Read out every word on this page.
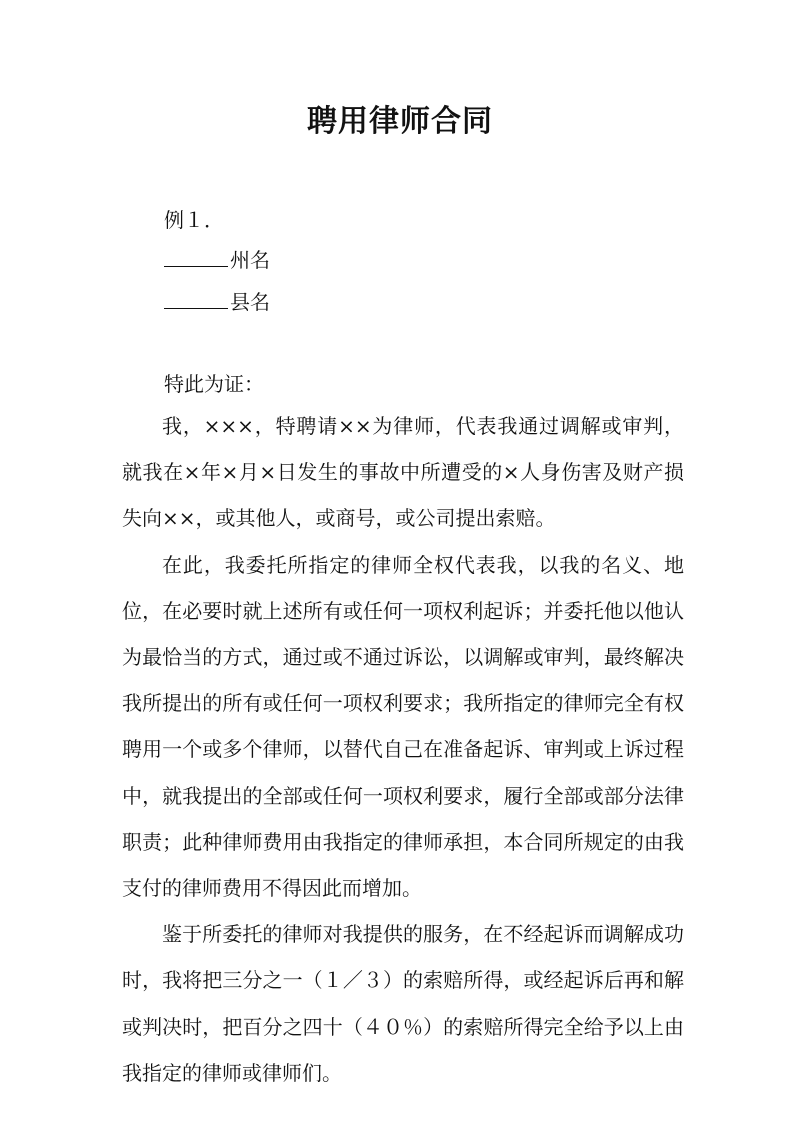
聘用律师合同
例１．
州名
县名
特此为证：

我，×××，特聘请××为律师，代表我通过调解或审判，就我在×年×月×日发生的事故中所遭受的×人身伤害及财产损失向××，或其他人，或商号，或公司提出索赔。

在此，我委托所指定的律师全权代表我，以我的名义、地位，在必要时就上述所有或任何一项权利起诉；并委托他以他认为最恰当的方式，通过或不通过诉讼，以调解或审判，最终解决我所提出的所有或任何一项权利要求；我所指定的律师完全有权聘用一个或多个律师，以替代自己在准备起诉、审判或上诉过程中，就我提出的全部或任何一项权利要求，履行全部或部分法律职责；此种律师费用由我指定的律师承担，本合同所规定的由我支付的律师费用不得因此而增加。

鉴于所委托的律师对我提供的服务，在不经起诉而调解成功时，我将把三分之一（１／３）的索赔所得，或经起诉后再和解或判决时，把百分之四十（４０％）的索赔所得完全给予以上由我指定的律师或律师们。
